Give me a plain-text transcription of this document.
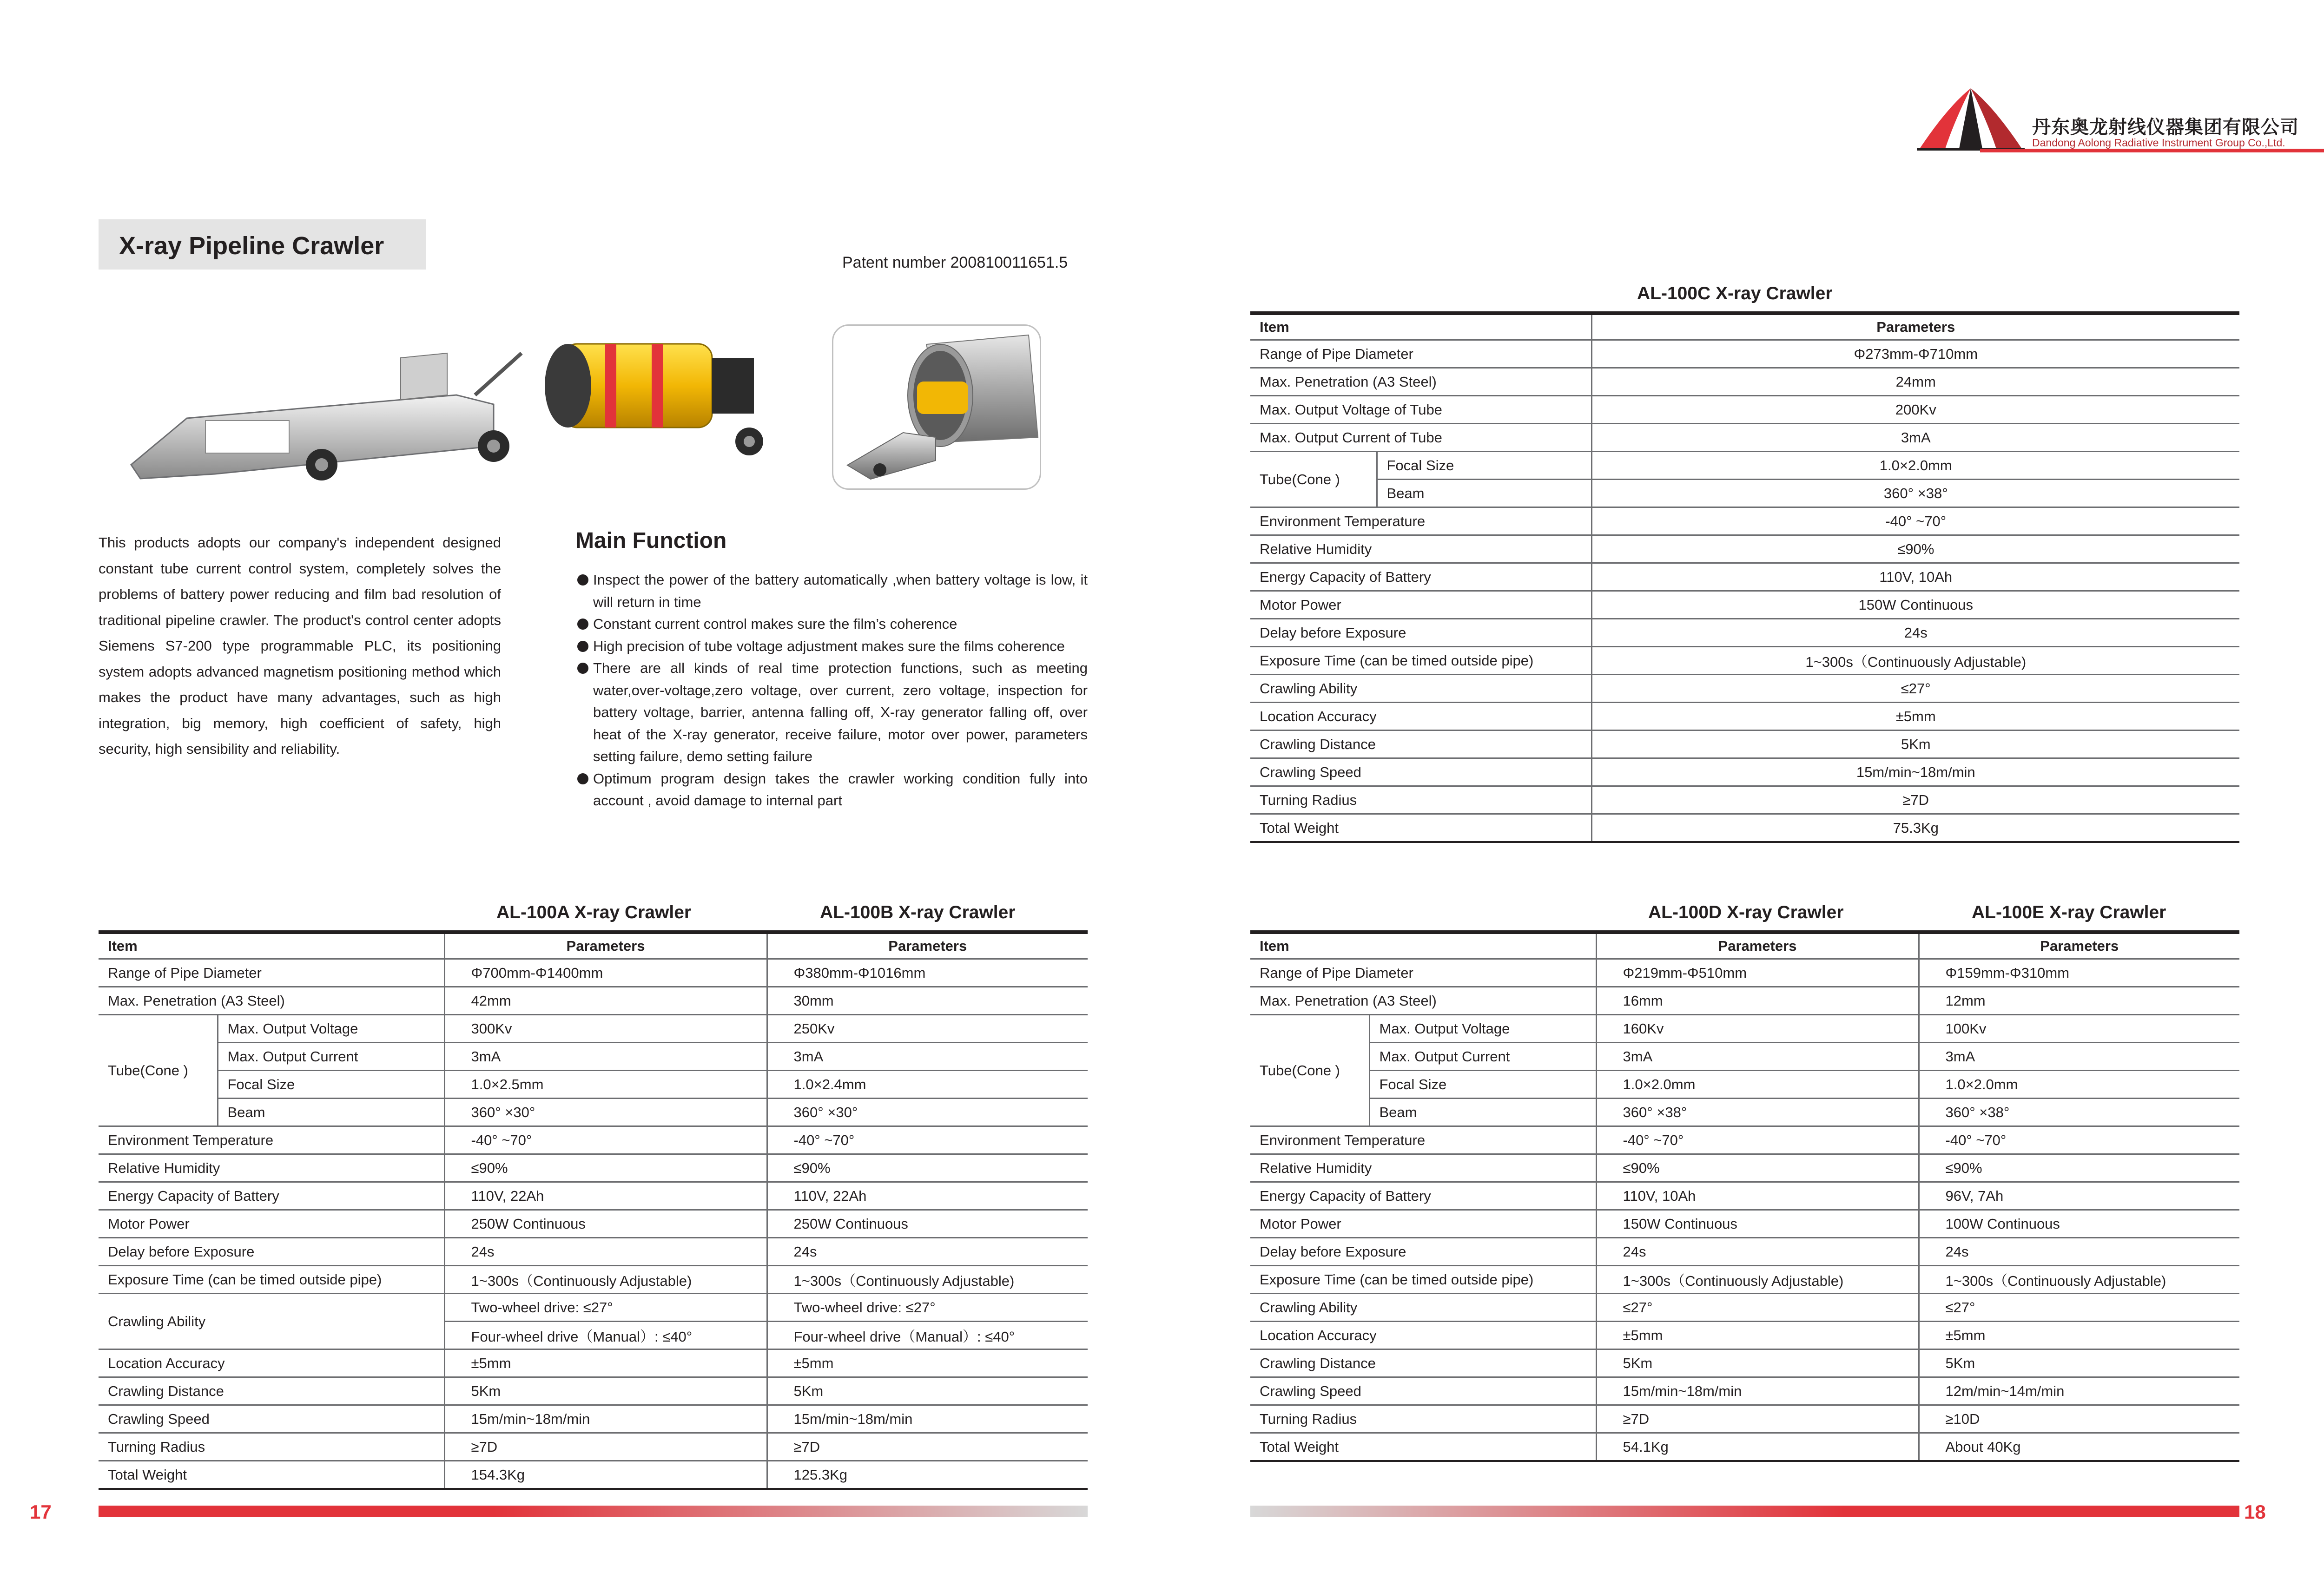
丹东奥龙射线仪器集团有限公司
Dandong Aolong Radiative Instrument Group Co.,Ltd.
X-ray Pipeline Crawler
Patent number 200810011651.5
This products adopts our company's independent designed constant tube current control system, completely solves the problems of battery power reducing and film bad resolution of traditional pipeline crawler. The product's control center adopts Siemens S7-200 type programmable PLC, its positioning system adopts advanced magnetism positioning method which makes the product have many advantages, such as high integration, big memory, high coefficient of safety, high security, high sensibility and reliability.
Main Function
Inspect the power of the battery automatically ,when battery voltage is low, it will return in time
Constant current control makes sure the film’s coherence
High precision of tube voltage adjustment makes sure the films coherence
There are all kinds of real time protection functions, such as meeting water,over-voltage,zero voltage, over current, zero voltage, inspection for battery voltage, barrier, antenna falling off, X-ray generator falling off, over heat of the X-ray generator, receive failure, motor over power, parameters setting failure, demo setting failure
Optimum program design takes the crawler working condition fully into account , avoid damage to internal part
AL-100C X-ray Crawler
Item		Parameters
Range of Pipe Diameter		Φ273mm-Φ710mm
Max. Penetration (A3 Steel)		24mm
Max. Output Voltage of Tube		200Kv
Max. Output Current of Tube		3mA
Tube(Cone )	Focal Size	1.0×2.0mm
	Beam	360° ×38°
Environment Temperature		-40° ~70°
Relative Humidity		≤90%
Energy Capacity of Battery		110V, 10Ah
Motor Power		150W Continuous
Delay before Exposure		24s
Exposure Time (can be timed outside pipe)		1~300s（Continuously Adjustable)
Crawling Ability		≤27°
Location Accuracy		±5mm
Crawling Distance		5Km
Crawling Speed		15m/min~18m/min
Turning Radius		≥7D
Total Weight		75.3Kg
AL-100A X-ray Crawler	AL-100B X-ray Crawler
Item		Parameters	Parameters
Range of Pipe Diameter		Φ700mm-Φ1400mm	Φ380mm-Φ1016mm
Max. Penetration (A3 Steel)		42mm	30mm
Tube(Cone )	Max. Output Voltage	300Kv	250Kv
	Max. Output Current	3mA	3mA
	Focal Size	1.0×2.5mm	1.0×2.4mm
	Beam	360° ×30°	360° ×30°
Environment Temperature		-40° ~70°	-40° ~70°
Relative Humidity		≤90%	≤90%
Energy Capacity of Battery		110V, 22Ah	110V, 22Ah
Motor Power		250W Continuous	250W Continuous
Delay before Exposure		24s	24s
Exposure Time (can be timed outside pipe)		1~300s（Continuously Adjustable)	1~300s（Continuously Adjustable)
Crawling Ability		Two-wheel drive: ≤27°	Two-wheel drive: ≤27°
		Four-wheel drive（Manual）: ≤40°	Four-wheel drive（Manual）: ≤40°
Location Accuracy		±5mm	±5mm
Crawling Distance		5Km	5Km
Crawling Speed		15m/min~18m/min	15m/min~18m/min
Turning Radius		≥7D	≥7D
Total Weight		154.3Kg	125.3Kg
AL-100D X-ray Crawler	AL-100E X-ray Crawler
Item		Parameters	Parameters
Range of Pipe Diameter		Φ219mm-Φ510mm	Φ159mm-Φ310mm
Max. Penetration (A3 Steel)		16mm	12mm
Tube(Cone )	Max. Output Voltage	160Kv	100Kv
	Max. Output Current	3mA	3mA
	Focal Size	1.0×2.0mm	1.0×2.0mm
	Beam	360° ×38°	360° ×38°
Environment Temperature		-40° ~70°	-40° ~70°
Relative Humidity		≤90%	≤90%
Energy Capacity of Battery		110V, 10Ah	96V, 7Ah
Motor Power		150W Continuous	100W Continuous
Delay before Exposure		24s	24s
Exposure Time (can be timed outside pipe)		1~300s（Continuously Adjustable)	1~300s（Continuously Adjustable)
Crawling Ability		≤27°	≤27°
Location Accuracy		±5mm	±5mm
Crawling Distance		5Km	5Km
Crawling Speed		15m/min~18m/min	12m/min~14m/min
Turning Radius		≥7D	≥10D
Total Weight		54.1Kg	About 40Kg
17	18
